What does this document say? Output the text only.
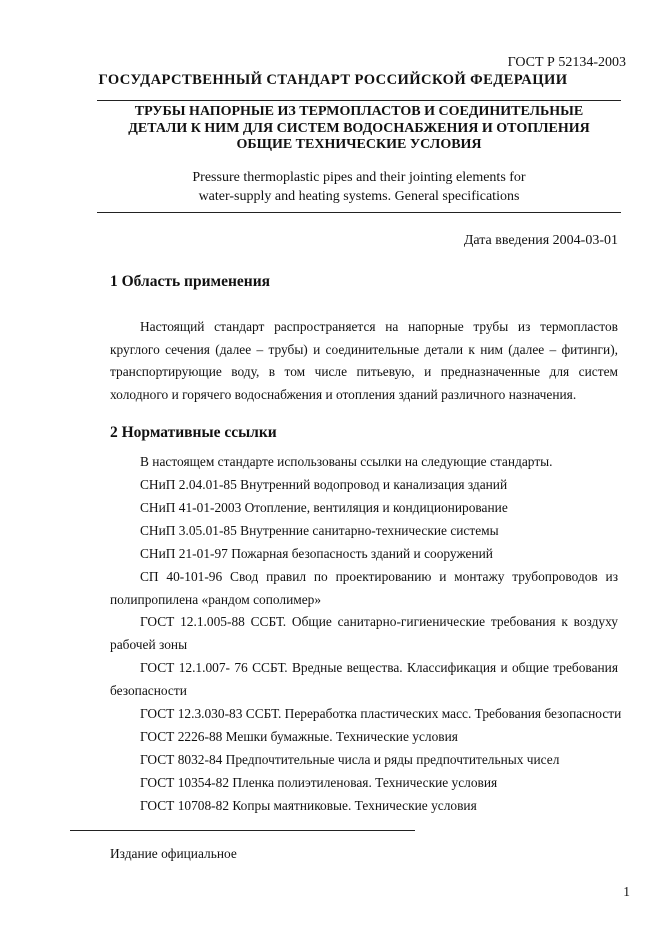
ГОСТ Р 52134-2003
ГОСУДАРСТВЕННЫЙ СТАНДАРТ РОССИЙСКОЙ ФЕДЕРАЦИИ
ТРУБЫ НАПОРНЫЕ ИЗ ТЕРМОПЛАСТОВ И СОЕДИНИТЕЛЬНЫЕ
ДЕТАЛИ К НИМ ДЛЯ СИСТЕМ ВОДОСНАБЖЕНИЯ И ОТОПЛЕНИЯ
ОБЩИЕ ТЕХНИЧЕСКИЕ УСЛОВИЯ
Pressure thermoplastic pipes and their jointing elements for
water-supply and heating systems. General specifications
Дата введения 2004-03-01
1 Область применения
Настоящий стандарт распространяется на напорные трубы из термопластов круглого сечения (далее – трубы) и соединительные детали к ним (далее – фитинги), транспортирующие воду, в том числе питьевую, и предназначенные для систем холодного и горячего водоснабжения и отопления зданий различного назначения.
2 Нормативные ссылки
В настоящем стандарте использованы ссылки на следующие стандарты.
СНиП 2.04.01-85 Внутренний водопровод и канализация зданий
СНиП 41-01-2003 Отопление, вентиляция и кондиционирование
СНиП 3.05.01-85 Внутренние санитарно-технические системы
СНиП 21-01-97 Пожарная безопасность зданий и сооружений
СП 40-101-96 Свод правил по проектированию и монтажу трубопроводов из полипропилена «рандом сополимер»
ГОСТ 12.1.005-88 ССБТ. Общие санитарно-гигиенические требования к воздуху рабочей зоны
ГОСТ 12.1.007- 76 ССБТ. Вредные вещества. Классификация и общие требования безопасности
ГОСТ 12.3.030-83 ССБТ. Переработка пластических масс. Требования безопасности
ГОСТ 2226-88 Мешки бумажные. Технические условия
ГОСТ 8032-84 Предпочтительные числа и ряды предпочтительных чисел
ГОСТ 10354-82 Пленка полиэтиленовая. Технические условия
ГОСТ 10708-82 Копры маятниковые. Технические условия
Издание официальное
1
